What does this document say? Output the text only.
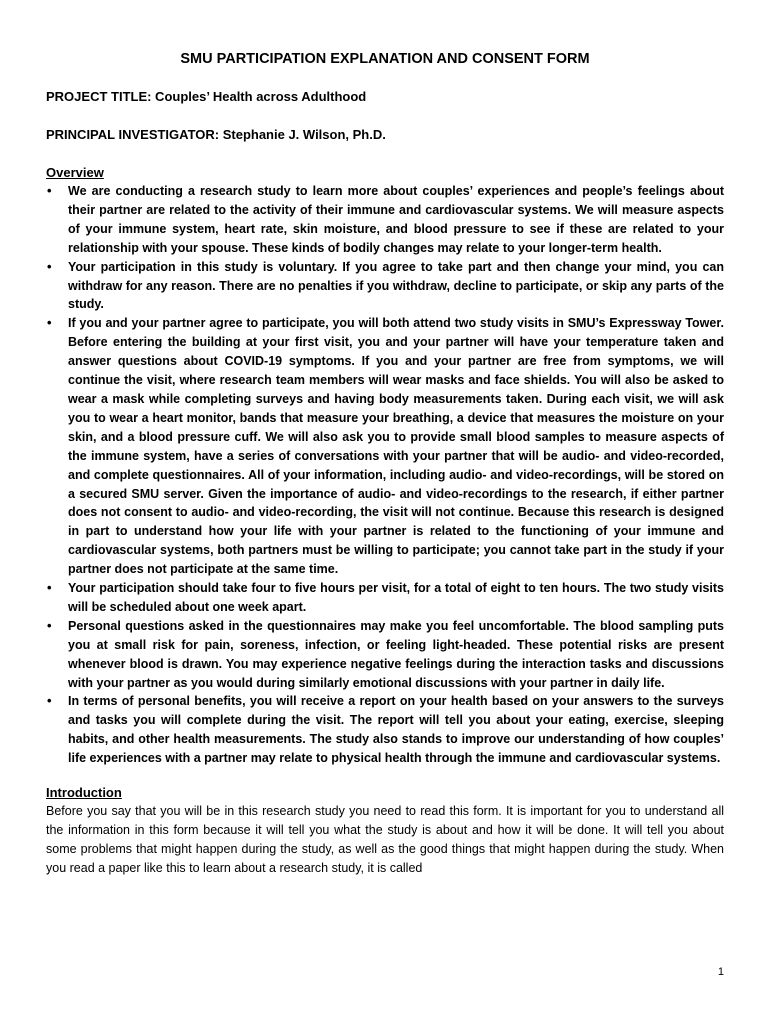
SMU PARTICIPATION EXPLANATION AND CONSENT FORM
PROJECT TITLE: Couples’ Health across Adulthood
PRINCIPAL INVESTIGATOR: Stephanie J. Wilson, Ph.D.
Overview
• We are conducting a research study to learn more about couples’ experiences and people’s feelings about their partner are related to the activity of their immune and cardiovascular systems. We will measure aspects of your immune system, heart rate, skin moisture, and blood pressure to see if these are related to your relationship with your spouse. These kinds of bodily changes may relate to your longer-term health.
• Your participation in this study is voluntary. If you agree to take part and then change your mind, you can withdraw for any reason. There are no penalties if you withdraw, decline to participate, or skip any parts of the study.
• If you and your partner agree to participate, you will both attend two study visits in SMU’s Expressway Tower. Before entering the building at your first visit, you and your partner will have your temperature taken and answer questions about COVID-19 symptoms. If you and your partner are free from symptoms, we will continue the visit, where research team members will wear masks and face shields. You will also be asked to wear a mask while completing surveys and having body measurements taken. During each visit, we will ask you to wear a heart monitor, bands that measure your breathing, a device that measures the moisture on your skin, and a blood pressure cuff. We will also ask you to provide small blood samples to measure aspects of the immune system, have a series of conversations with your partner that will be audio- and video-recorded, and complete questionnaires. All of your information, including audio- and video-recordings, will be stored on a secured SMU server. Given the importance of audio- and video-recordings to the research, if either partner does not consent to audio- and video-recording, the visit will not continue. Because this research is designed in part to understand how your life with your partner is related to the functioning of your immune and cardiovascular systems, both partners must be willing to participate; you cannot take part in the study if your partner does not participate at the same time.
• Your participation should take four to five hours per visit, for a total of eight to ten hours. The two study visits will be scheduled about one week apart.
• Personal questions asked in the questionnaires may make you feel uncomfortable. The blood sampling puts you at small risk for pain, soreness, infection, or feeling light-headed. These potential risks are present whenever blood is drawn. You may experience negative feelings during the interaction tasks and discussions with your partner as you would during similarly emotional discussions with your partner in daily life.
• In terms of personal benefits, you will receive a report on your health based on your answers to the surveys and tasks you will complete during the visit. The report will tell you about your eating, exercise, sleeping habits, and other health measurements. The study also stands to improve our understanding of how couples’ life experiences with a partner may relate to physical health through the immune and cardiovascular systems.
Introduction

Before you say that you will be in this research study you need to read this form. It is important for you to understand all the information in this form because it will tell you what the study is about and how it will be done. It will tell you about some problems that might happen during the study, as well as the good things that might happen during the study. When you read a paper like this to learn about a research study, it is called

1
